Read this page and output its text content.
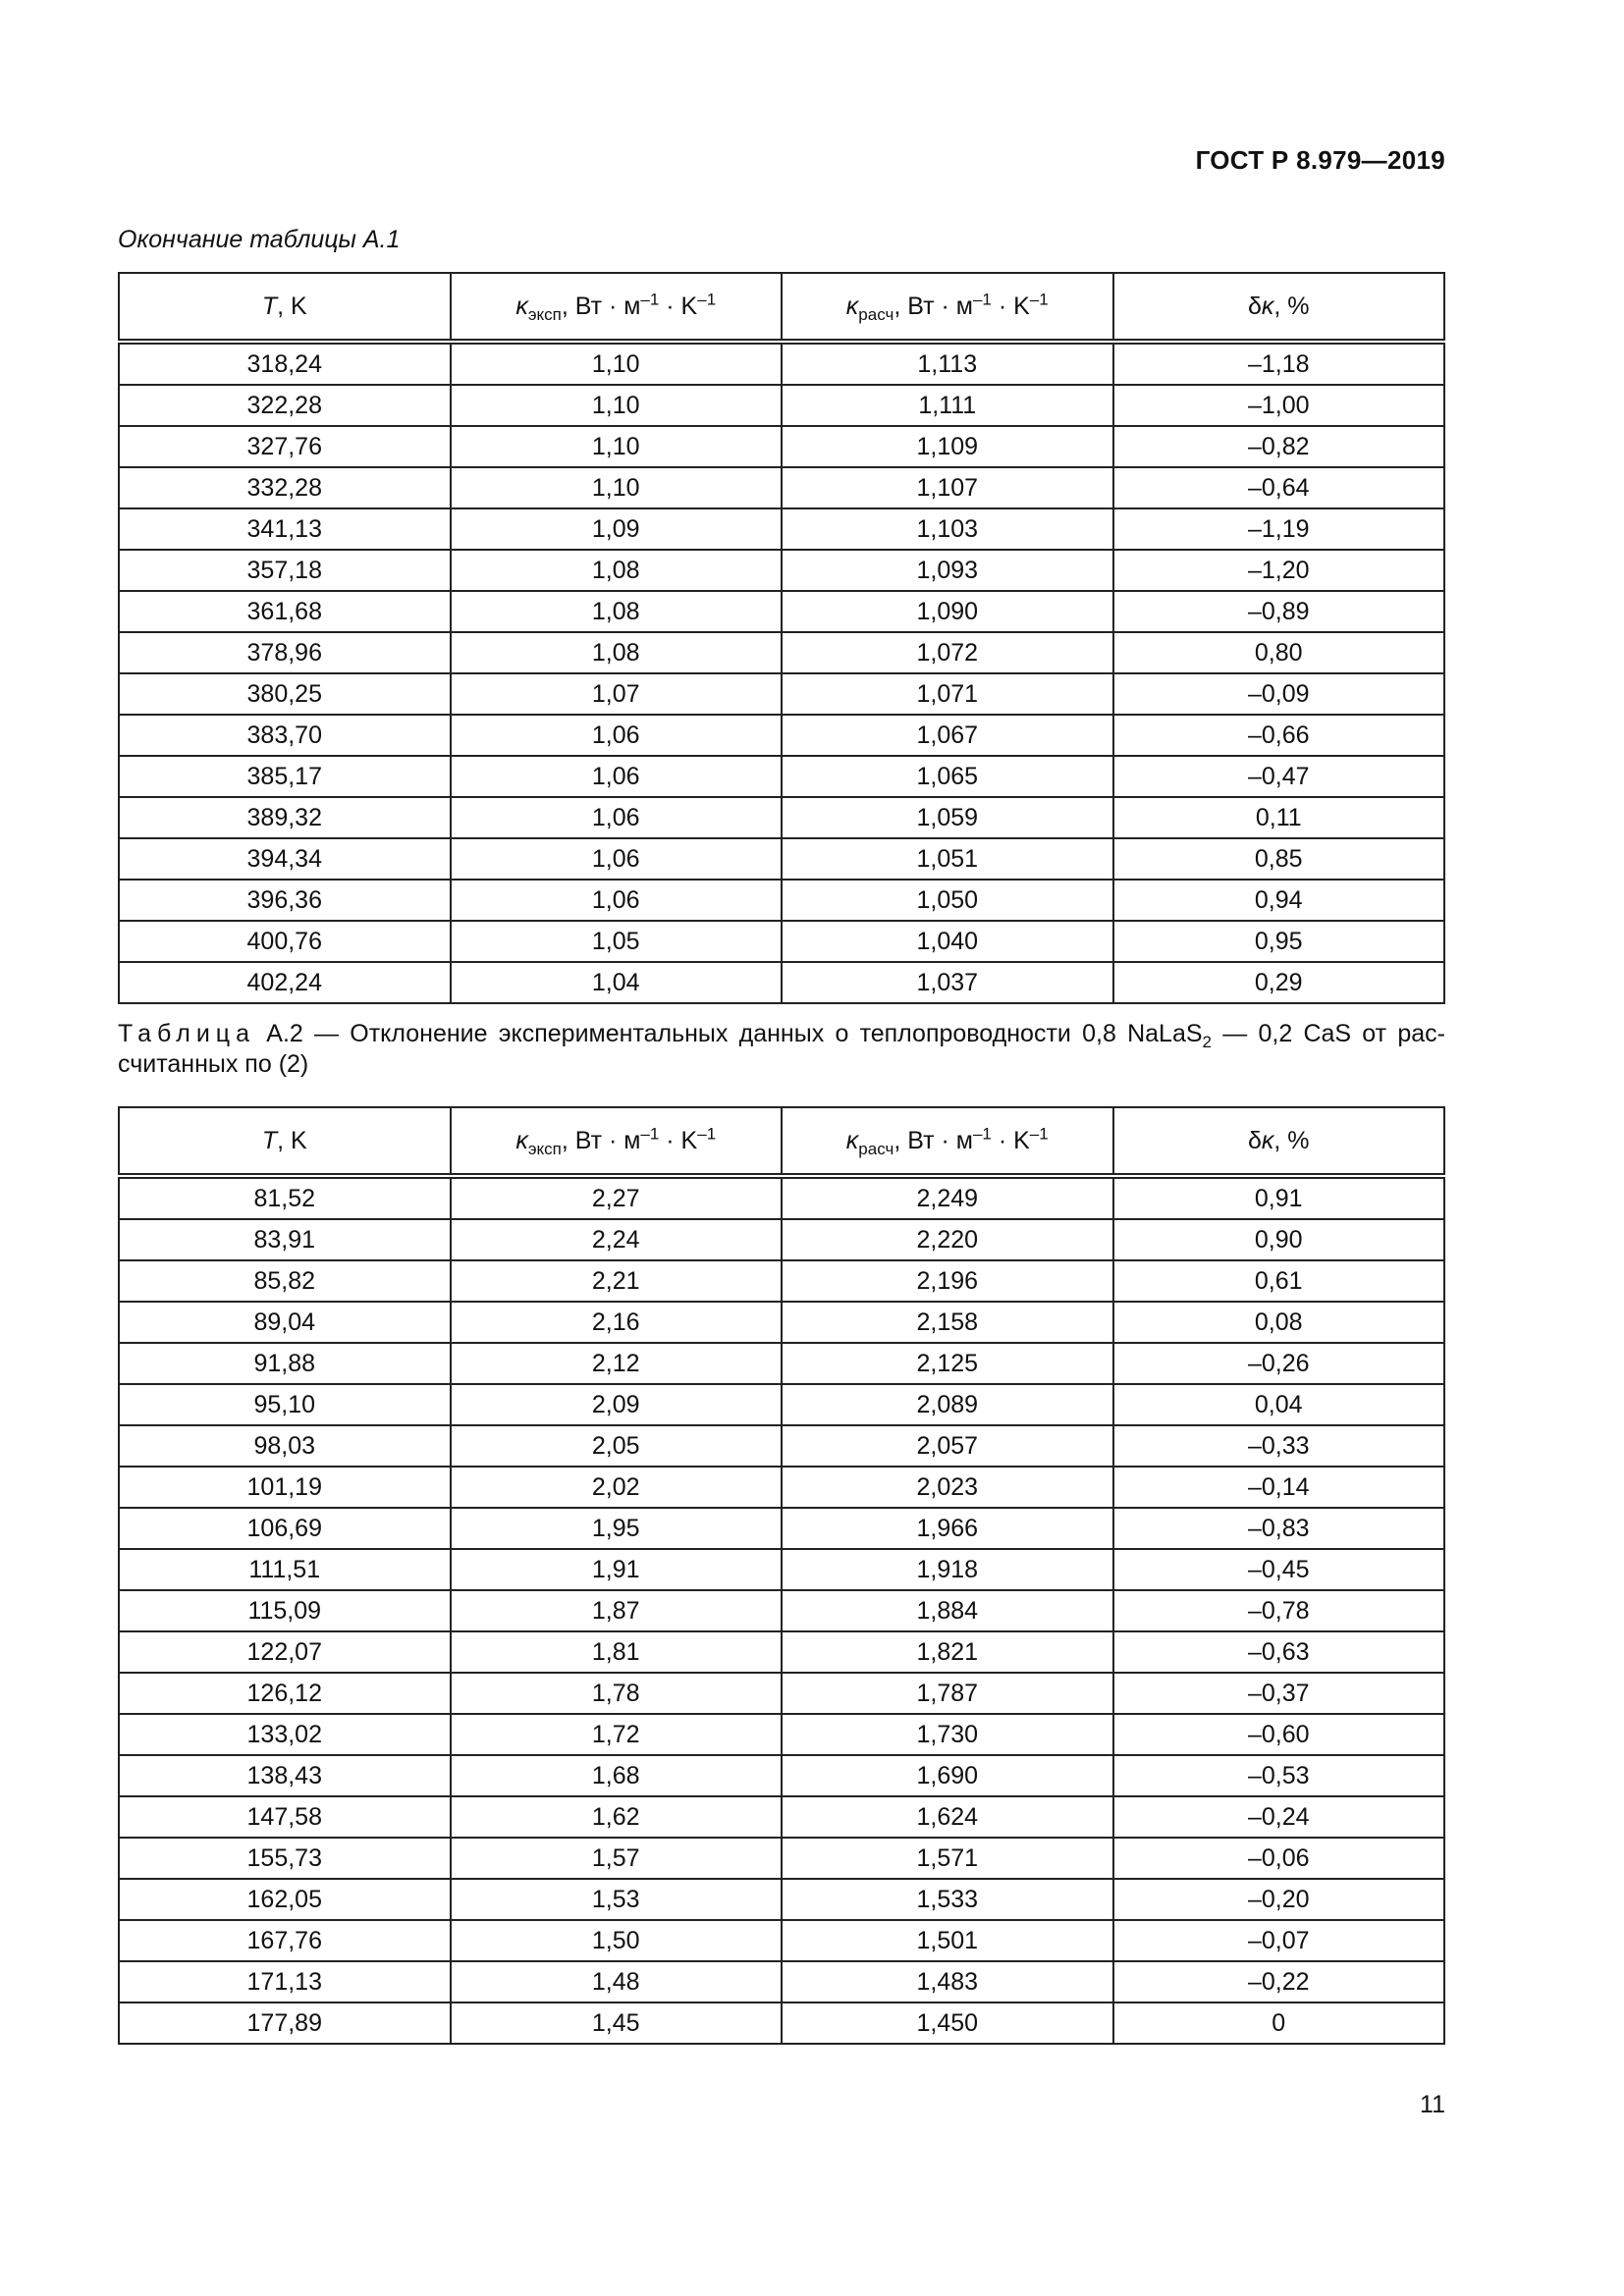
ГОСТ Р 8.979—2019
Окончание таблицы А.1
T, K	$\kappa_{эксп}$, Вт · $м^{-1} \cdot K^{-1}$	$\kappa_{расч}$, Вт · $м^{-1} \cdot K^{-1}$	δκ, %
318,24	1,10	1,113	–1,18
322,28	1,10	1,111	–1,00
327,76	1,10	1,109	–0,82
332,28	1,10	1,107	–0,64
341,13	1,09	1,103	–1,19
357,18	1,08	1,093	–1,20
361,68	1,08	1,090	–0,89
378,96	1,08	1,072	0,80
380,25	1,07	1,071	–0,09
383,70	1,06	1,067	–0,66
385,17	1,06	1,065	–0,47
389,32	1,06	1,059	0,11
394,34	1,06	1,051	0,85
396,36	1,06	1,050	0,94
400,76	1,05	1,040	0,95
402,24	1,04	1,037	0,29
Таблица А.2 — Отклонение экспериментальных данных о теплопроводности 0,8 NaLaS$_2$ — 0,2 CaS от рассчитанных по (2)
T, K	$\kappa_{эксп}$, Вт · $м^{-1} \cdot K^{-1}$	$\kappa_{расч}$, Вт · $м^{-1} \cdot K^{-1}$	δκ, %
81,52	2,27	2,249	0,91
83,91	2,24	2,220	0,90
85,82	2,21	2,196	0,61
89,04	2,16	2,158	0,08
91,88	2,12	2,125	–0,26
95,10	2,09	2,089	0,04
98,03	2,05	2,057	–0,33
101,19	2,02	2,023	–0,14
106,69	1,95	1,966	–0,83
111,51	1,91	1,918	–0,45
115,09	1,87	1,884	–0,78
122,07	1,81	1,821	–0,63
126,12	1,78	1,787	–0,37
133,02	1,72	1,730	–0,60
138,43	1,68	1,690	–0,53
147,58	1,62	1,624	–0,24
155,73	1,57	1,571	–0,06
162,05	1,53	1,533	–0,20
167,76	1,50	1,501	–0,07
171,13	1,48	1,483	–0,22
177,89	1,45	1,450	0
11
